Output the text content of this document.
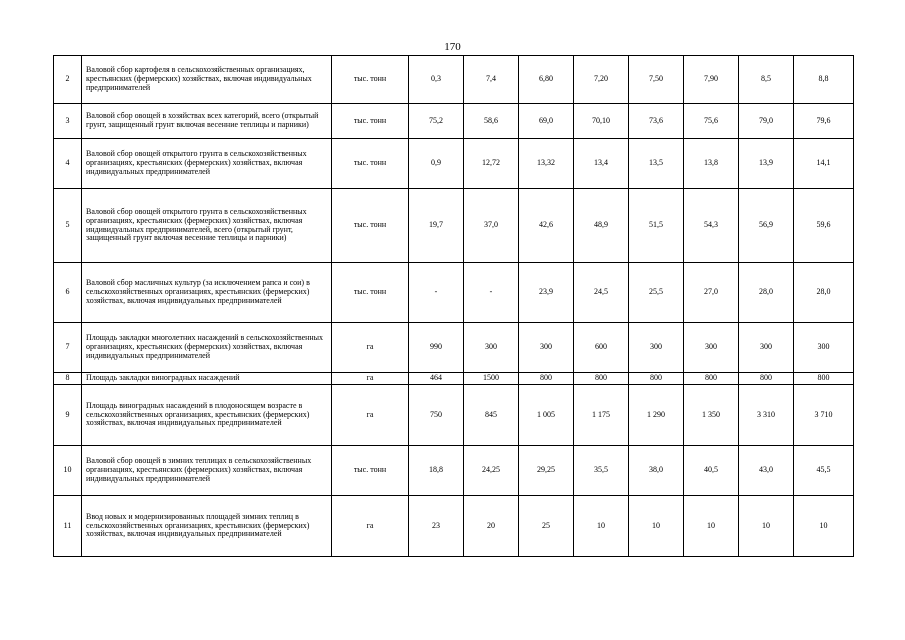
170
2	Валовой сбор картофеля в сельскохозяйственных организациях, крестьянских (фермерских) хозяйствах, включая индивидуальных предпринимателей	тыс. тонн	0,3	7,4	6,80	7,20	7,50	7,90	8,5	8,8
3	Валовой сбор овощей в хозяйствах всех категорий, всего (открытый грунт, защищенный грунт включая весенние теплицы и парники)	тыс. тонн	75,2	58,6	69,0	70,10	73,6	75,6	79,0	79,6
4	Валовой сбор овощей открытого грунта в сельскохозяйственных организациях, крестьянских (фермерских) хозяйствах, включая индивидуальных предпринимателей	тыс. тонн	0,9	12,72	13,32	13,4	13,5	13,8	13,9	14,1
5	Валовой сбор овощей открытого грунта в сельскохозяйственных организациях, крестьянских (фермерских) хозяйствах, включая индивидуальных предпринимателей, всего (открытый грунт, защищенный грунт включая весенние теплицы и парники)	тыс. тонн	19,7	37,0	42,6	48,9	51,5	54,3	56,9	59,6
6	Валовой сбор масличных культур (за исключением рапса и сои) в сельскохозяйственных организациях, крестьянских (фермерских) хозяйствах, включая индивидуальных предпринимателей	тыс. тонн	-	-	23,9	24,5	25,5	27,0	28,0	28,0
7	Площадь закладки многолетних насаждений в сельскохозяйственных организациях, крестьянских (фермерских) хозяйствах, включая индивидуальных предпринимателей	га	990	300	300	600	300	300	300	300
8	Площадь закладки виноградных насаждений	га	464	1500	800	800	800	800	800	800
9	Площадь виноградных насаждений в плодоносящем возрасте в сельскохозяйственных организациях, крестьянских (фермерских) хозяйствах, включая индивидуальных предпринимателей	га	750	845	1 005	1 175	1 290	1 350	3 310	3 710
10	Валовой сбор овощей в зимних теплицах в сельскохозяйственных организациях, крестьянских (фермерских) хозяйствах, включая индивидуальных предпринимателей	тыс. тонн	18,8	24,25	29,25	35,5	38,0	40,5	43,0	45,5
11	Ввод новых и модернизированных площадей зимних теплиц в сельскохозяйственных организациях, крестьянских (фермерских) хозяйствах, включая индивидуальных предпринимателей	га	23	20	25	10	10	10	10	10
